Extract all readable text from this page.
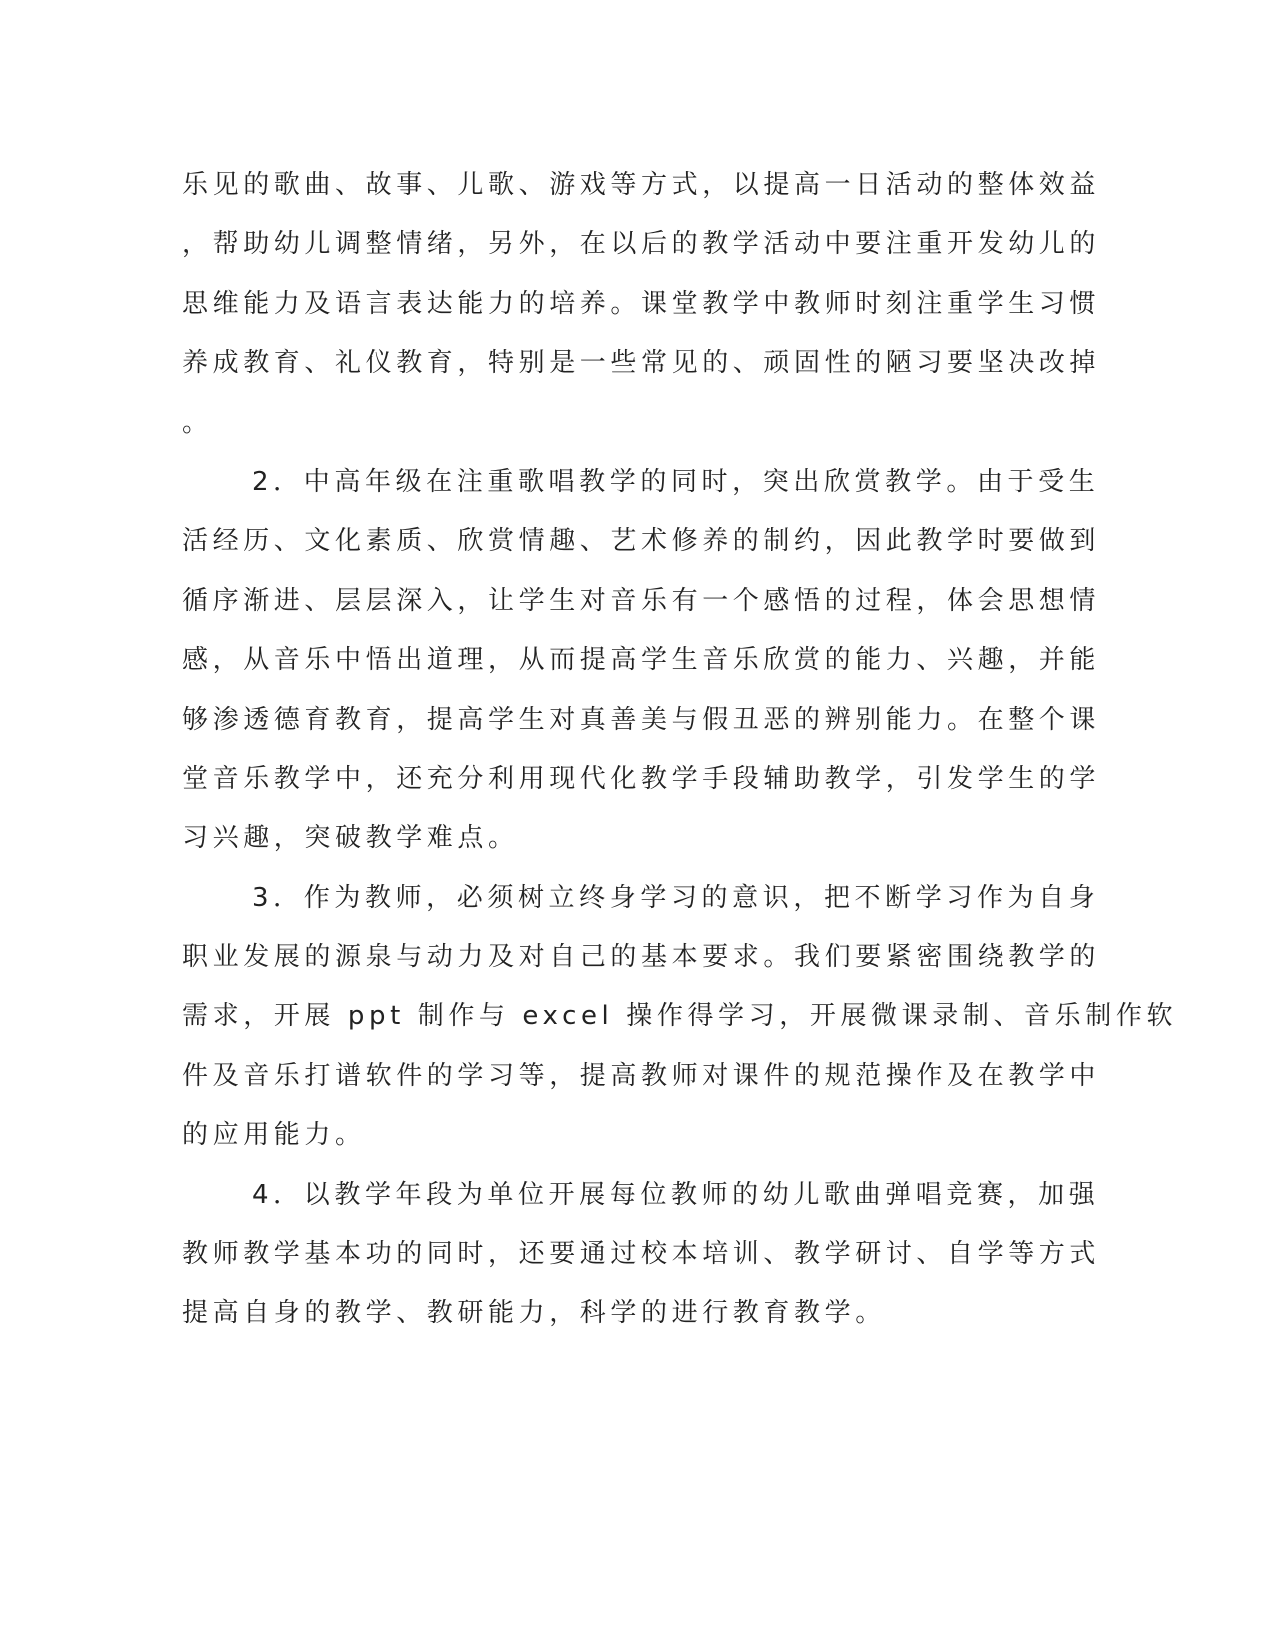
乐见的歌曲、故事、儿歌、游戏等方式，以提高一日活动的整体效益
，帮助幼儿调整情绪，另外，在以后的教学活动中要注重开发幼儿的
思维能力及语言表达能力的培养。课堂教学中教师时刻注重学生习惯
养成教育、礼仪教育，特别是一些常见的、顽固性的陋习要坚决改掉
。
2．中高年级在注重歌唱教学的同时，突出欣赏教学。由于受生
活经历、文化素质、欣赏情趣、艺术修养的制约，因此教学时要做到
循序渐进、层层深入，让学生对音乐有一个感悟的过程，体会思想情
感，从音乐中悟出道理，从而提高学生音乐欣赏的能力、兴趣，并能
够渗透德育教育，提高学生对真善美与假丑恶的辨别能力。在整个课
堂音乐教学中，还充分利用现代化教学手段辅助教学，引发学生的学
习兴趣，突破教学难点。
3．作为教师，必须树立终身学习的意识，把不断学习作为自身
职业发展的源泉与动力及对自己的基本要求。我们要紧密围绕教学的
需求，开展 ppt 制作与 excel 操作得学习，开展微课录制、音乐制作软
件及音乐打谱软件的学习等，提高教师对课件的规范操作及在教学中
的应用能力。
4．以教学年段为单位开展每位教师的幼儿歌曲弹唱竞赛，加强
教师教学基本功的同时，还要通过校本培训、教学研讨、自学等方式
提高自身的教学、教研能力，科学的进行教育教学。
